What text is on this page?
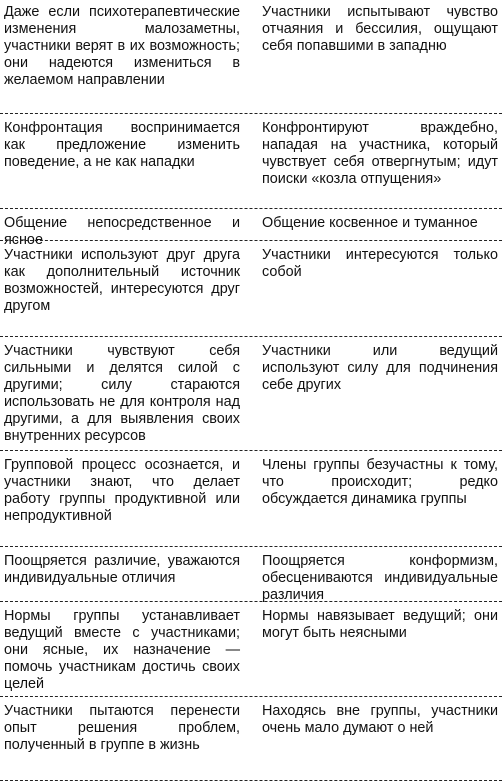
Даже если психотерапевтические изменения малозаметны, участники верят в их возможность; они надеются измениться в желаемом направлении
Участники испытывают чувство отчаяния и бессилия, ощущают себя попавшими в западню
Конфронтация воспринимается как предложение изменить поведение, а не как нападки
Конфронтируют враждебно, нападая на участника, который чувствует себя отвергнутым; идут поиски «козла отпущения»
Общение непосредственное и ясное
Общение косвенное и туманное
Участники используют друг друга как дополнительный источник возможностей, интересуются друг другом
Участники интересуются только собой
Участники чувствуют себя сильными и делятся силой с другими; силу стараются использовать не для контроля над другими, а для выявления своих внутренних ресурсов
Участники или ведущий используют силу для подчинения себе других
Групповой процесс осознается, и участники знают, что делает работу группы продуктивной или непродуктивной
Члены группы безучастны к тому, что происходит; редко обсуждается динамика группы
Поощряется различие, уважаются индивидуальные отличия
Поощряется конформизм, обесцениваются индивидуальные различия
Нормы группы устанавливает ведущий вместе с участниками; они ясные, их назначение — помочь участникам достичь своих целей
Нормы навязывает ведущий; они могут быть неясными
Участники пытаются перенести опыт решения проблем, полученный в группе в жизнь
Находясь вне группы, участники очень мало думают о ней
